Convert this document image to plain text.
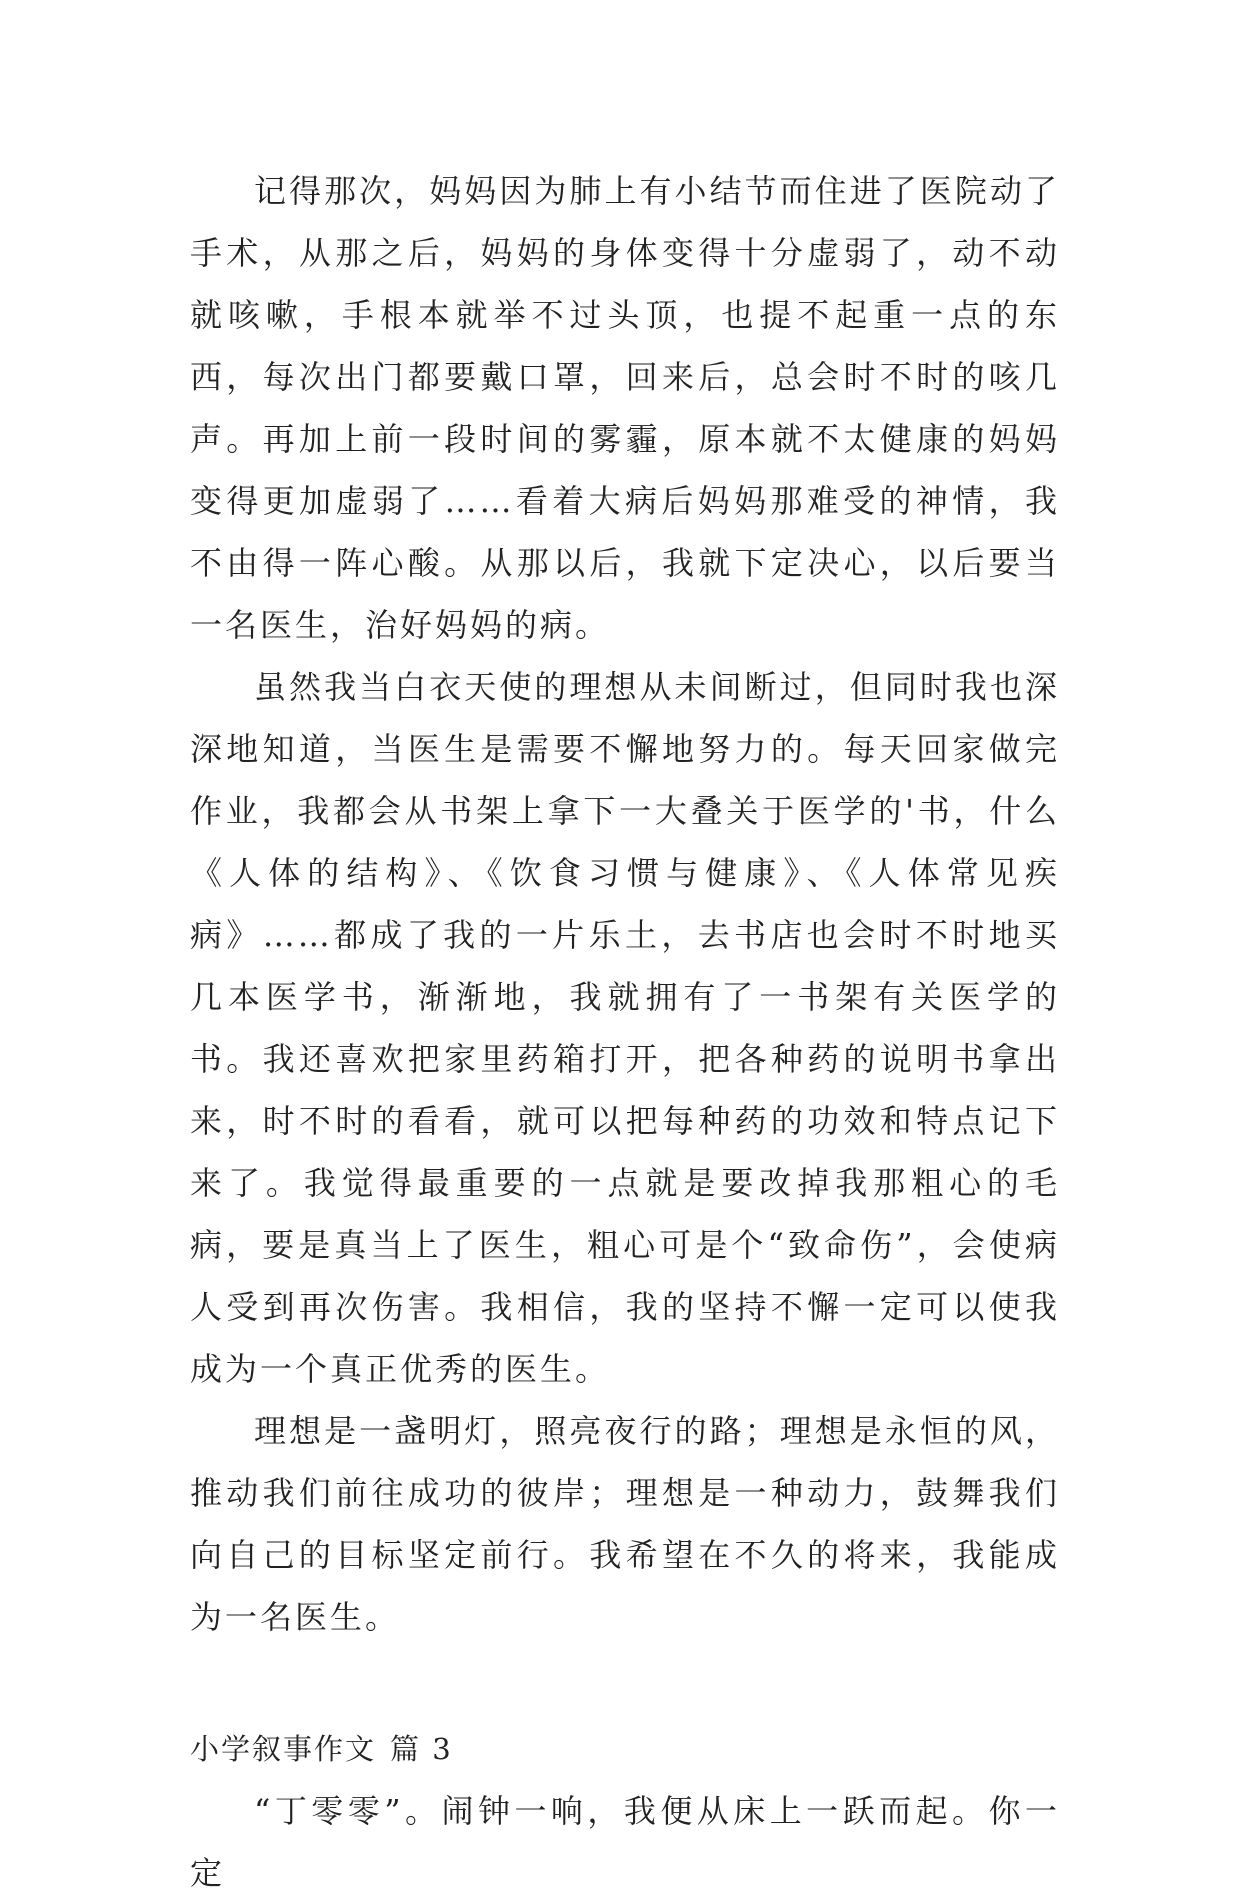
记得那次，妈妈因为肺上有小结节而住进了医院动了手术，从那之后，妈妈的身体变得十分虚弱了，动不动就咳嗽，手根本就举不过头顶，也提不起重一点的东西，每次出门都要戴口罩，回来后，总会时不时的咳几声。再加上前一段时间的雾霾，原本就不太健康的妈妈变得更加虚弱了……看着大病后妈妈那难受的神情，我不由得一阵心酸。从那以后，我就下定决心，以后要当一名医生，治好妈妈的病。

虽然我当白衣天使的理想从未间断过，但同时我也深深地知道，当医生是需要不懈地努力的。每天回家做完作业，我都会从书架上拿下一大叠关于医学的'书，什么《人体的结构》、《饮食习惯与健康》、《人体常见疾病》……都成了我的一片乐土，去书店也会时不时地买几本医学书，渐渐地，我就拥有了一书架有关医学的书。我还喜欢把家里药箱打开，把各种药的说明书拿出来，时不时的看看，就可以把每种药的功效和特点记下来了。我觉得最重要的一点就是要改掉我那粗心的毛病，要是真当上了医生，粗心可是个“致命伤”，会使病人受到再次伤害。我相信，我的坚持不懈一定可以使我成为一个真正优秀的医生。

理想是一盏明灯，照亮夜行的路；理想是永恒的风，推动我们前往成功的彼岸；理想是一种动力，鼓舞我们向自己的目标坚定前行。我希望在不久的将来，我能成为一名医生。

小学叙事作文 篇 3

“丁零零”。闹钟一响，我便从床上一跃而起。你一定
